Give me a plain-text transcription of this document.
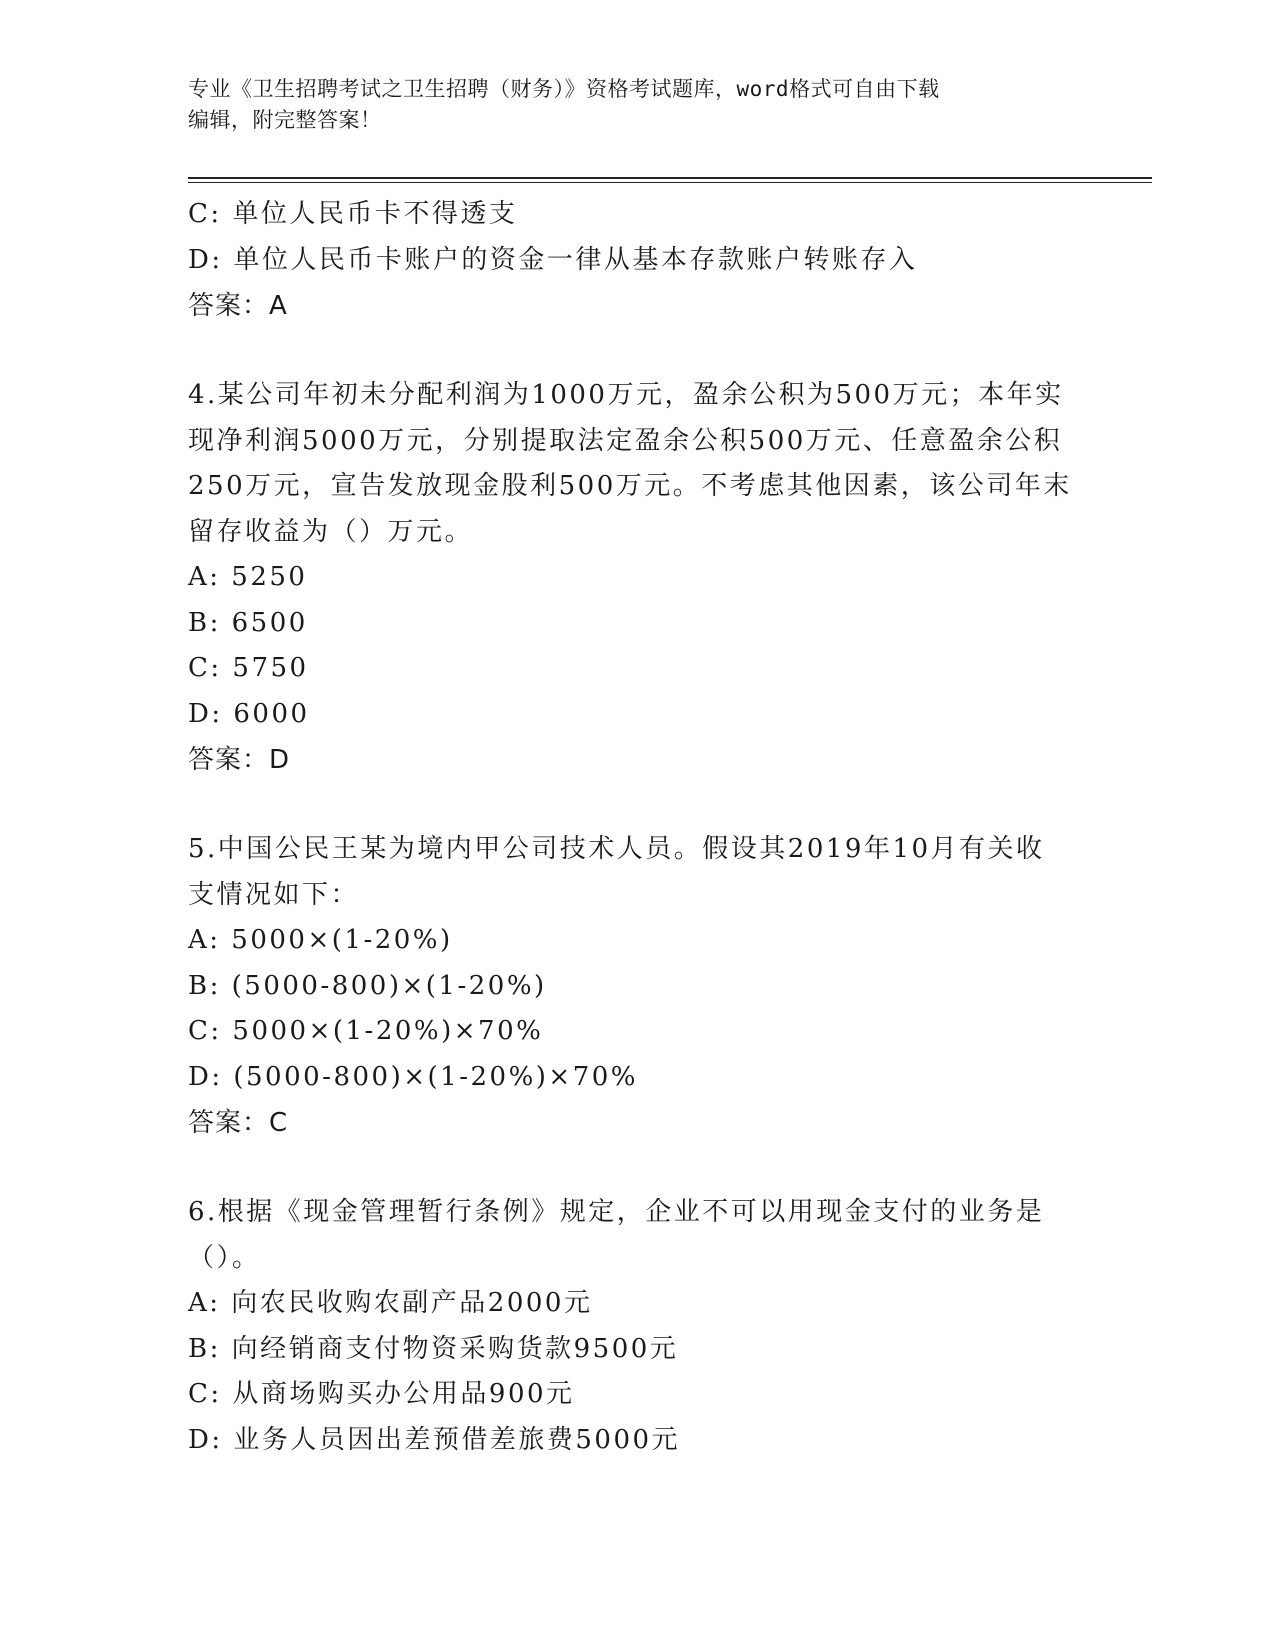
专业《卫生招聘考试之卫生招聘（财务）》资格考试题库，word格式可自由下载
编辑，附完整答案！
C: 单位人民币卡不得透支
D: 单位人民币卡账户的资金一律从基本存款账户转账存入
答案：A
4.某公司年初未分配利润为1000万元，盈余公积为500万元；本年实
现净利润5000万元，分别提取法定盈余公积500万元、任意盈余公积
250万元，宣告发放现金股利500万元。不考虑其他因素，该公司年末
留存收益为（）万元。
A: 5250
B: 6500
C: 5750
D: 6000
答案：D
5.中国公民王某为境内甲公司技术人员。假设其2019年10月有关收
支情况如下：
A: 5000×(1-20%)
B: (5000-800)×(1-20%)
C: 5000×(1-20%)×70%
D: (5000-800)×(1-20%)×70%
答案：C
6.根据《现金管理暂行条例》规定，企业不可以用现金支付的业务是
（）。
A: 向农民收购农副产品2000元
B: 向经销商支付物资采购货款9500元
C: 从商场购买办公用品900元
D: 业务人员因出差预借差旅费5000元
